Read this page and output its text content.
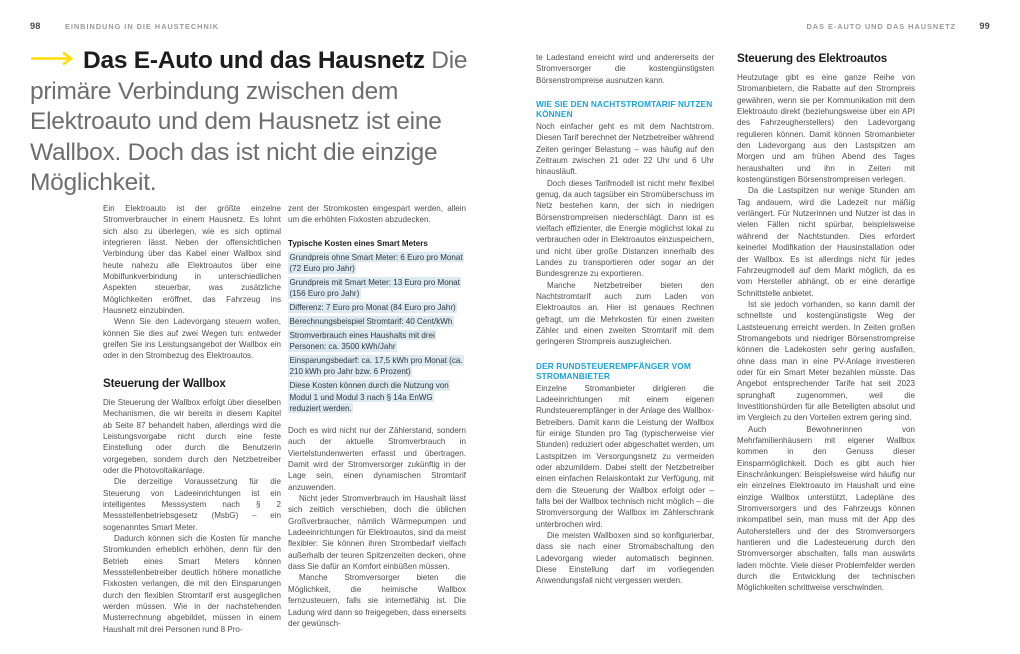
98	EINBINDUNG IN DIE HAUSTECHNIK	DAS E-AUTO UND DAS HAUSNETZ	99
Das E-Auto und das Hausnetz Die primäre Verbindung zwischen dem Elektroauto und dem Hausnetz ist eine Wallbox. Doch das ist nicht die einzige Möglichkeit.

Ein Elektroauto ist der größte einzelne Stromverbraucher in einem Hausnetz. Es lohnt sich also zu überlegen, wie es sich optimal integrieren lässt. Neben der offensichtlichen Verbindung über das Kabel einer Wallbox sind heute nahezu alle Elektroautos über eine Mobilfunkverbindung in unterschiedlichen Aspekten steuerbar, was zusätzliche Möglichkeiten eröffnet, das Fahrzeug ins Hausnetz einzubinden.

Wenn Sie den Ladevorgang steuern wollen, können Sie dies auf zwei Wegen tun: entweder greifen Sie ins Leistungsangebot der Wallbox ein oder in den Strombezug des Elektroautos.

Steuerung der Wallbox

Die Steuerung der Wallbox erfolgt über dieselben Mechanismen, die wir bereits in diesem Kapitel ab Seite 87 behandelt haben, allerdings wird die Leistungsvorgabe nicht durch eine feste Einstellung oder durch die Benutzerin vorgegeben, sondern durch den Netzbetreiber oder die Photovoltaikanlage.

Die derzeitige Voraussetzung für die Steuerung von Ladeeinrichtungen ist ein intelligentes Messsystem nach § 2 Messstellenbetriebsgesetz (MsbG) – ein sogenanntes Smart Meter.

Dadurch können sich die Kosten für manche Stromkunden erheblich erhöhen, denn für den Betrieb eines Smart Meters können Messstellenbetreiber deutlich höhere monatliche Fixkosten verlangen, die mit den Einsparungen durch den flexiblen Stromtarif erst ausgeglichen werden müssen. Wie in der nachstehenden Musterrechnung abgebildet, müssen in einem Haushalt mit drei Personen rund 8 Pro-

zent der Stromkosten eingespart werden, allein um die erhöhten Fixkosten abzudecken.

Typische Kosten eines Smart Meters
Grundpreis ohne Smart Meter: 6 Euro pro Monat (72 Euro pro Jahr)
Grundpreis mit Smart Meter: 13 Euro pro Monat (156 Euro pro Jahr)
Differenz: 7 Euro pro Monat (84 Euro pro Jahr)
Berechnungsbeispiel Stromtarif: 40 Cent/kWh
Stromverbrauch eines Haushalts mit drei Personen: ca. 3500 kWh/Jahr
Einsparungsbedarf: ca. 17,5 kWh pro Monat (ca. 210 kWh pro Jahr bzw. 6 Prozent)
Diese Kosten können durch die Nutzung von Modul 1 und Modul 3 nach § 14a EnWG reduziert werden.

Doch es wird nicht nur der Zählerstand, sondern auch der aktuelle Stromverbrauch in Viertelstundenwerten erfasst und übertragen. Damit wird der Stromversorger zukünftig in der Lage sein, einen dynamischen Stromtarif anzuwenden.

Nicht jeder Stromverbrauch im Haushalt lässt sich zeitlich verschieben, doch die üblichen Großverbraucher, nämlich Wärmepumpen und Ladeeinrichtungen für Elektroautos, sind da meist flexibler: Sie können ihren Strombedarf vielfach außerhalb der teuren Spitzenzeiten decken, ohne dass Sie dafür an Komfort einbüßen müssen.

Manche Stromversorger bieten die Möglichkeit, die heimische Wallbox fernzusteuern, falls sie internetfähig ist. Die Ladung wird dann so freigegeben, dass einerseits der gewünsch-

te Ladestand erreicht wird und andererseits der Stromversorger die kostengünstigsten Börsenstrompreise ausnutzen kann.

WIE SIE DEN NACHTSTROMTARIF NUTZEN KÖNNEN

Noch einfacher geht es mit dem Nachtstrom. Diesen Tarif berechnet der Netzbetreiber während Zeiten geringer Belastung – was häufig auf den Zeitraum zwischen 21 oder 22 Uhr und 6 Uhr hinausläuft.

Doch dieses Tarifmodell ist nicht mehr flexibel genug, da auch tagsüber ein Stromüberschuss im Netz bestehen kann, der sich in niedrigen Börsenstrompreisen niederschlägt. Dann ist es vielfach effizienter, die Energie möglichst lokal zu verbrauchen oder in Elektroautos einzuspeichern, und nicht über große Distanzen innerhalb des Landes zu transportieren oder sogar an der Bundesgrenze zu exportieren.

Manche Netzbetreiber bieten den Nachtstromtarif auch zum Laden von Elektroautos an. Hier ist genaues Rechnen gefragt, um die Mehrkosten für einen zweiten Zähler und einen zweiten Stromtarif mit dem geringeren Strompreis auszugleichen.

DER RUNDSTEUEREMPFÄNGER VOM STROMANBIETER

Einzelne Stromanbieter dirigieren die Ladeeinrichtungen mit einem eigenen Rundsteuerempfänger in der Anlage des Wallbox-Betreibers. Damit kann die Leistung der Wallbox für einige Stunden pro Tag (typischerweise vier Stunden) reduziert oder abgeschaltet werden, um Lastspitzen im Versorgungsnetz zu vermeiden oder abzumildern. Dabei stellt der Netzbetreiber einen einfachen Relaiskontakt zur Verfügung, mit dem die Steuerung der Wallbox erfolgt oder – falls bei der Wallbox technisch nicht möglich – die Stromversorgung der Wallbox im Zählerschrank unterbrochen wird.

Die meisten Wallboxen sind so konfigurierbar, dass sie nach einer Stromabschaltung den Ladevorgang wieder automatisch beginnen. Diese Einstellung darf im vorliegenden Anwendungsfall nicht vergessen werden.

Steuerung des Elektroautos

Heutzutage gibt es eine ganze Reihe von Stromanbietern, die Rabatte auf den Strompreis gewähren, wenn sie per Kommunikation mit dem Elektroauto direkt (beziehungsweise über ein API des Fahrzeugherstellers) den Ladevorgang regulieren können. Damit können Stromanbieter den Ladevorgang aus den Lastspitzen am Morgen und am frühen Abend des Tages heraushalten und ihn in Zeiten mit kostengünstigen Börsenstrompreisen verlegen.

Da die Lastspitzen nur wenige Stunden am Tag andauern, wird die Ladezeit nur mäßig verlängert. Für Nutzerinnen und Nutzer ist das in vielen Fällen nicht spürbar, beispielsweise während der Nachtstunden. Dies erfordert keinerlei Modifikation der Hausinstallation oder der Wallbox. Es ist allerdings nicht für jedes Fahrzeugmodell auf dem Markt möglich, da es vom Hersteller abhängt, ob er eine derartige Schnittstelle anbietet.

Ist sie jedoch vorhanden, so kann damit der schnellste und kostengünstigste Weg der Laststeuerung erreicht werden. In Zeiten großen Stromangebots und niedriger Börsenstrompreise können die Ladekosten sehr gering ausfallen, ohne dass man in eine PV-Anlage investieren oder für ein Smart Meter bezahlen müsste. Das Angebot entsprechender Tarife hat seit 2023 sprunghaft zugenommen, weil die Investitionshürden für alle Beteiligten absolut und im Vergleich zu den Vorteilen extrem gering sind.

Auch Bewohnerinnen von Mehrfamilienhäusern mit eigener Wallbox kommen in den Genuss dieser Einsparmöglichkeit. Doch es gibt auch hier Einschränkungen: Beispielsweise wird häufig nur ein einzelnes Elektroauto im Haushalt und eine einzige Wallbox unterstützt, Ladepläne des Stromversorgers und des Fahrzeugs können inkompatibel sein, man muss mit der App des Autoherstellers und der des Stromversorgers hantieren und die Ladesteuerung durch den Stromversorger abschalten, falls man auswärts laden möchte. Viele dieser Problemfelder werden durch die Entwicklung der technischen Möglichkeiten schrittweise verschwinden.
